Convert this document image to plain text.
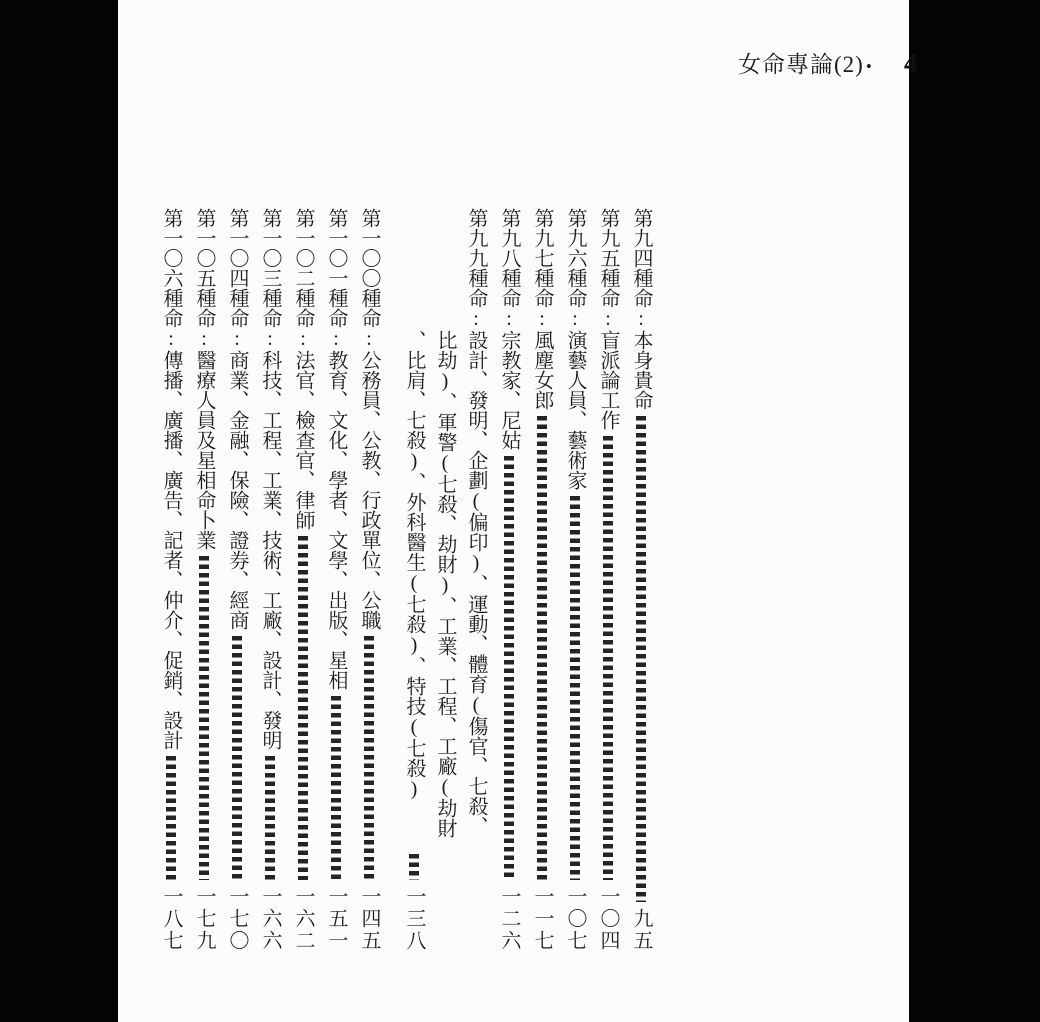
女命專論(2) • 4
第九四種命:
本身貴命
九五
第九五種命:
盲派論工作
一〇四
第九六種命:
演藝人員、藝術家
一〇七
第九七種命:
風塵女郎
一一七
第九八種命:
宗教家、尼姑
一二六
第九九種命:
設計、發明、企劃(偏印)、運動、體育(傷官、七殺、比劫)、軍警(七殺、劫財)、工業、工程、工廠(劫財、比肩、七殺)、外科醫生(七殺)、特技(七殺)
一三八
第一〇〇種命:
公務員、公教、行政單位、公職
一四五
第一〇一種命:
教育、文化、學者、文學、出版、星相
一五一
第一〇二種命:
法官、檢查官、律師
一六二
第一〇三種命:
科技、工程、工業、技術、工廠、設計、發明
一六六
第一〇四種命:
商業、金融、保險、證券、經商
一七〇
第一〇五種命:
醫療人員及星相命卜業
一七九
第一〇六種命:
傳播、廣播、廣告、記者、仲介、促銷、設計
一八七
